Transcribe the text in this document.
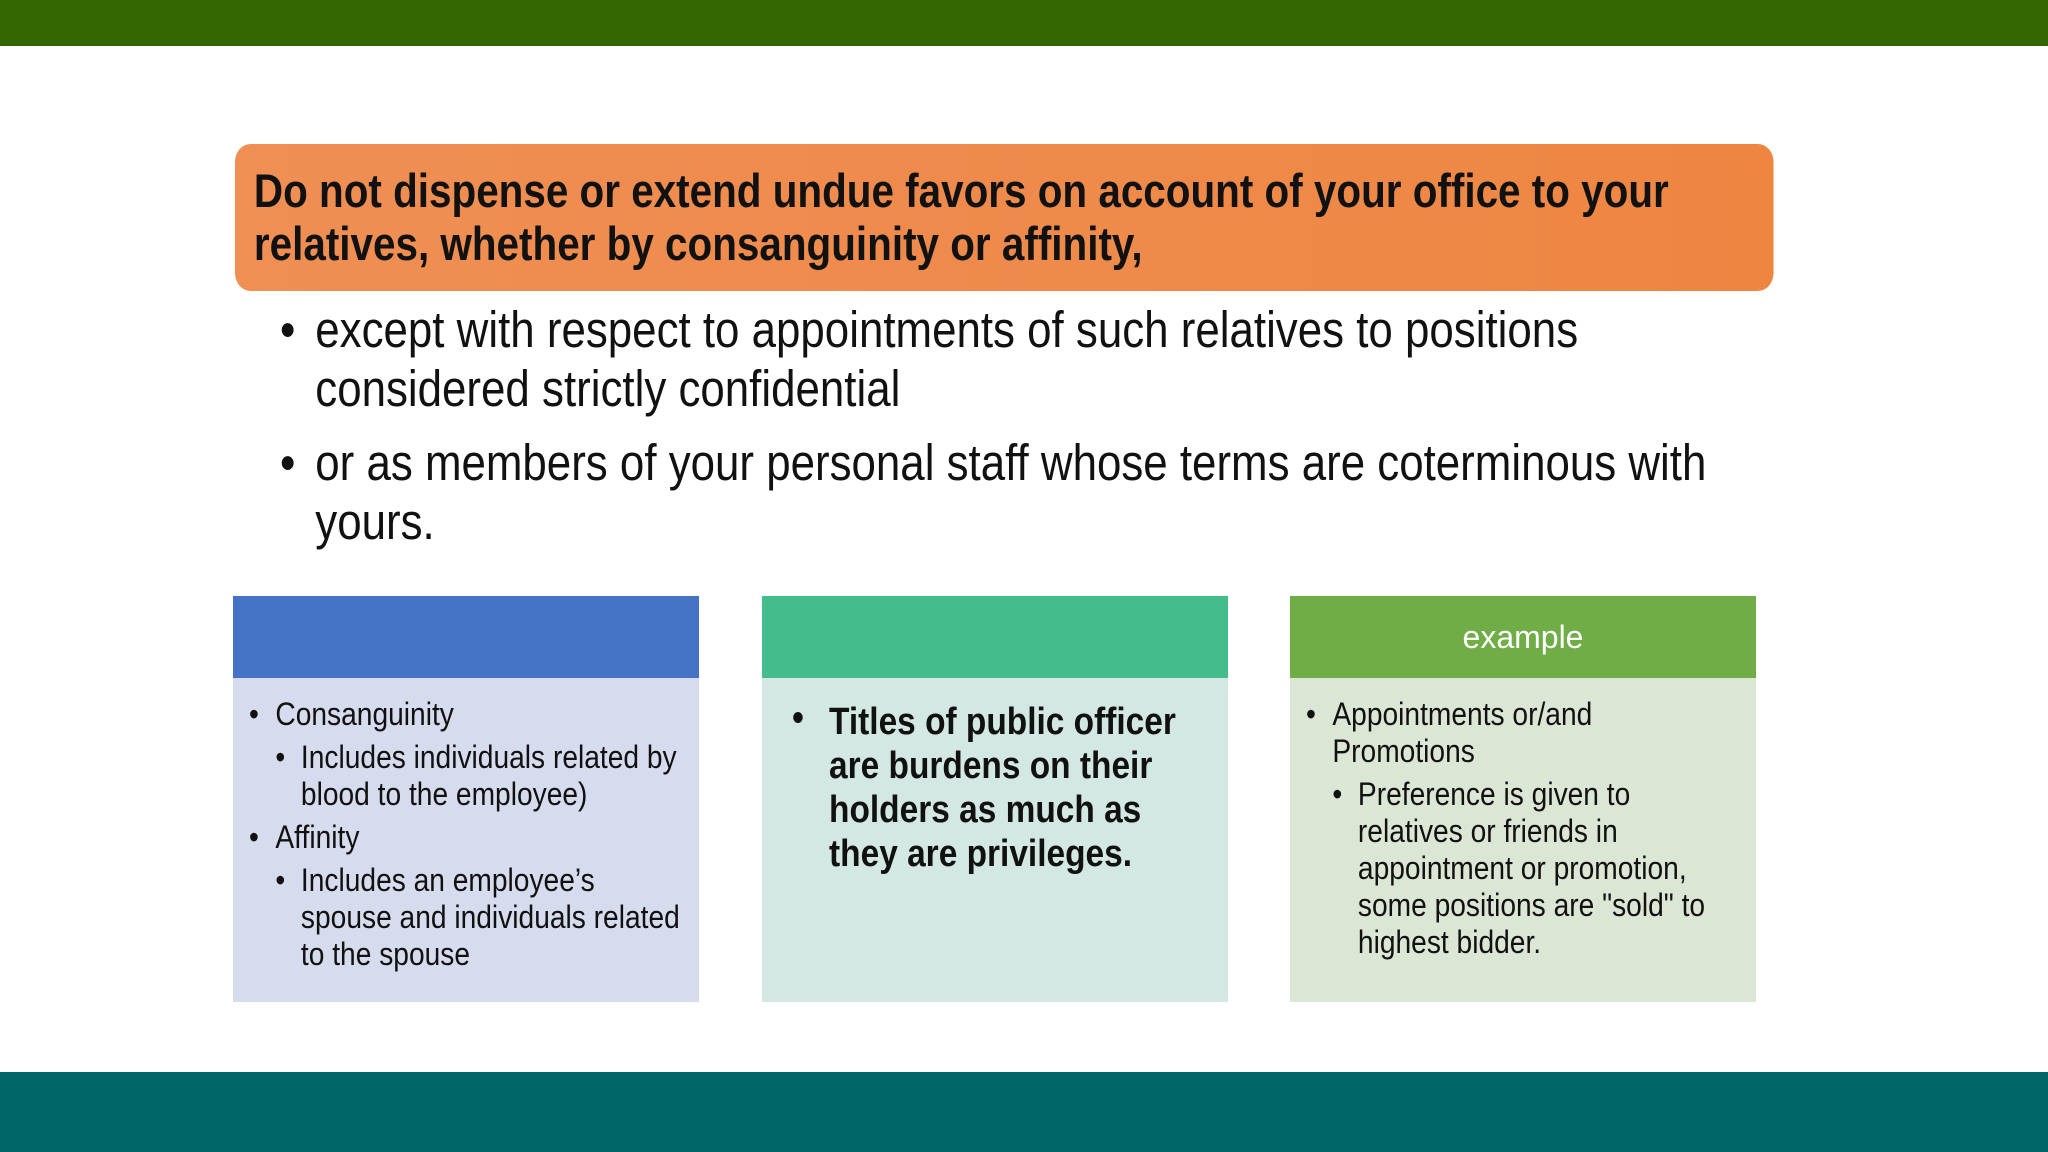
Do not dispense or extend undue favors on account of your office to your relatives, whether by consanguinity or affinity,
• except with respect to appointments of such relatives to positions considered strictly confidential
• or as members of your personal staff whose terms are coterminous with yours.
• Consanguinity
• Includes individuals related by blood to the employee)
• Affinity
• Includes an employee’s spouse and individuals related to the spouse
• Titles of public officer are burdens on their holders as much as they are privileges.
example
• Appointments or/and Promotions
• Preference is given to relatives or friends in appointment or promotion, some positions are "sold" to highest bidder.
